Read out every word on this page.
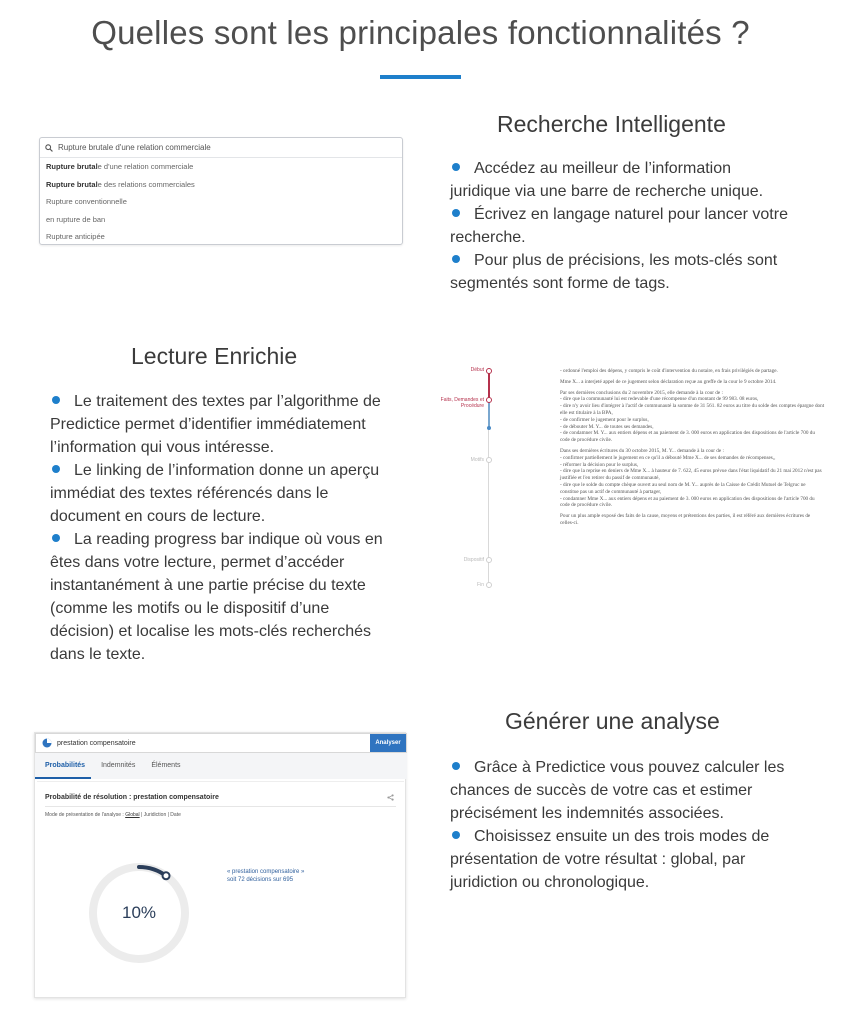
Quelles sont les principales fonctionnalités ?
Rupture brutale d'une relation commerciale
Rupture brutale d'une relation commerciale
Rupture brutale des relations commerciales
Rupture conventionnelle
en rupture de ban
Rupture anticipée
Recherche Intelligente
Accédez au meilleur de l’information
juridique via une barre de recherche unique.
Écrivez en langage naturel pour lancer votre
recherche.
Pour plus de précisions, les mots-clés sont
segmentés sont forme de tags.
Lecture Enrichie
Le traitement des textes par l’algorithme de
Predictice permet d’identifier immédiatement
l’information qui vous intéresse.
Le linking de l’information donne un aperçu
immédiat des textes référencés dans le
document en cours de lecture.
La reading progress bar indique où vous en
êtes dans votre lecture, permet d’accéder
instantanément à une partie précise du texte
(comme les motifs ou le dispositif d’une
décision) et localise les mots-clés recherchés
dans le texte.
Début
Faits, Demandes et Procédure
Motifs
Dispositif
Fin

- ordonné l'emploi des dépens, y compris le coût d'intervention du notaire, en frais privilégiés de partage.

Mme X... a interjeté appel de ce jugement selon déclaration reçue au greffe de la cour le 9 octobre 2014.

Par ses dernières conclusions du 2 novembre 2015, elle demande à la cour de :
- dire que la communauté lui est redevable d'une récompense d'un montant de 99 983. 08 euros,
- dire n'y avoir lieu d'intégrer à l'actif de communauté la somme de 31 561. 82 euros au titre du solde des comptes épargne dont elle est titulaire à la BPA,
- de confirmer le jugement pour le surplus,
- de débouter M. Y... de toutes ses demandes,
- de condamner M. Y... aux entiers dépens et au paiement de 3. 000 euros en application des dispositions de l'article 700 du code de procédure civile.

Dans ses dernières écritures du 30 octobre 2015, M. Y... demande à la cour de :
- confirmer partiellement le jugement en ce qu'il a débouté Mme X... de ses demandes de récompenses,,
- réformer la décision pour le surplus,
- dire que la reprise en deniers de Mme X... à hauteur de 7. 622, 45 euros prévue dans l'état liquidatif du 21 mai 2012 n'est pas justifiée et l'en retirer du passif de communauté,
- dire que le solde du compte chèque ouvert au seul nom de M. Y... auprès de la Caisse de Crédit Mutuel de Telgruc ne constitue pas un actif de communauté à partager,
- condamner Mme X... aux entiers dépens et au paiement de 3. 000 euros en application des dispositions de l'article 700 du code de procédure civile.

Pour un plus ample exposé des faits de la cause, moyens et prétentions des parties, il est référé aux dernières écritures de celles-ci.

prestation compensatoire	Analyser
Probabilités	Indemnités	Éléments
Probabilité de résolution : prestation compensatoire
Mode de présentation de l'analyse : Global | Juridiction | Date
10%
« prestation compensatoire »
soit 72 décisions sur 695
Générer une analyse
Grâce à Predictice vous pouvez calculer les
chances de succès de votre cas et estimer
précisément les indemnités associées.
Choisissez ensuite un des trois modes de
présentation de votre résultat : global, par
juridiction ou chronologique.
